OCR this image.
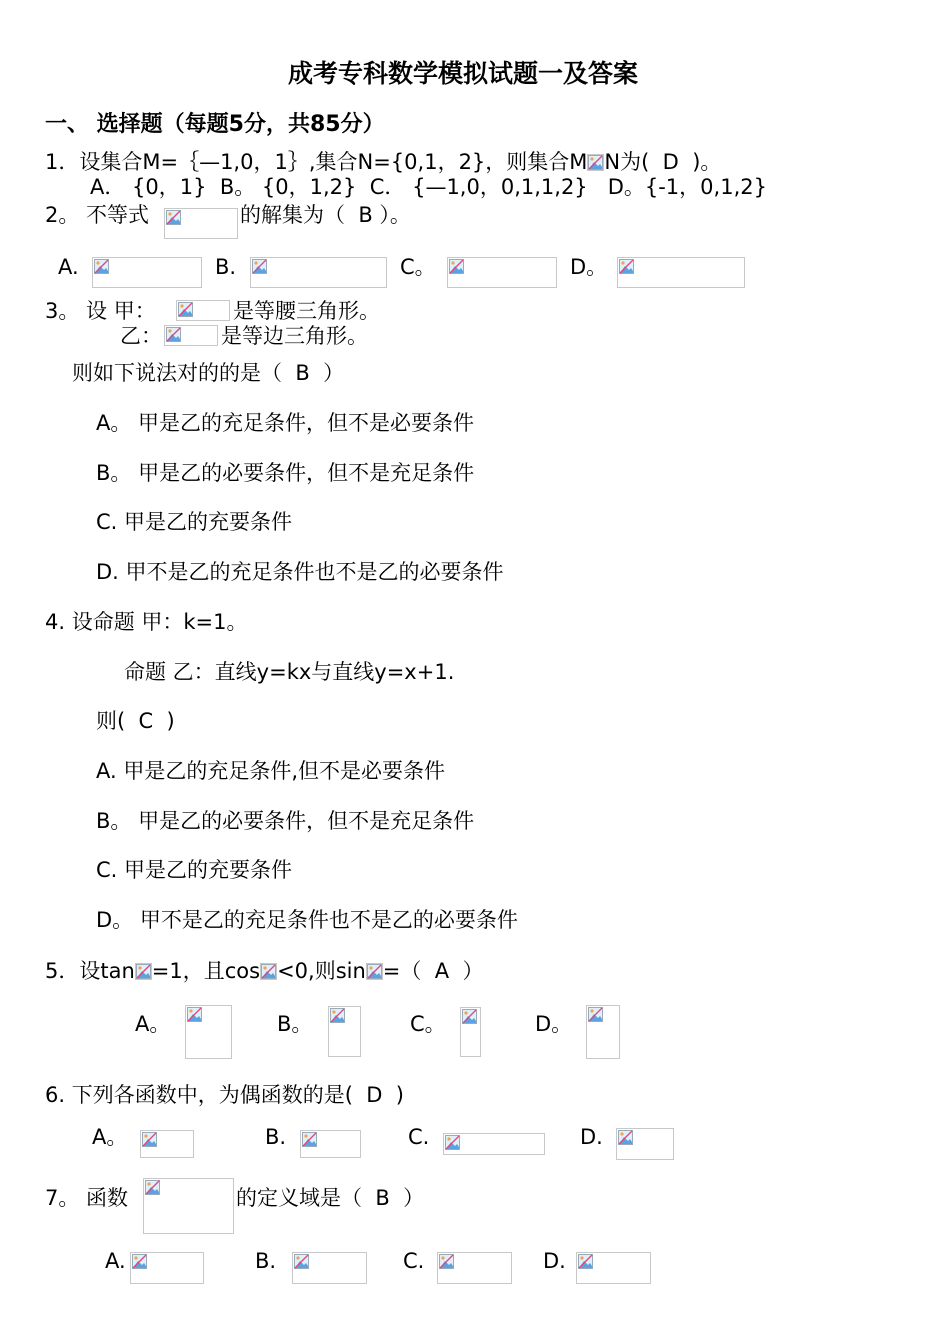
成考专科数学模拟试题一及答案
一、 选择题（每题5分，共85分）
1．设集合M=｛—1,0，1｝,集合N={0,1，2}，则集合M N为(  D  )。
A． {0，1}  B。 {0，1,2}  C． {—1,0，0,1,1,2}   D。{-1，0,1,2}
2。 不等式	的解集为（  B ）。
A.	B.	C。	D。
3。 设 甲：	是等腰三角形。
乙：	是等边三角形。
则如下说法对的的是（  B  ）
A。 甲是乙的充足条件，但不是必要条件
B。 甲是乙的必要条件，但不是充足条件
C. 甲是乙的充要条件
D. 甲不是乙的充足条件也不是乙的必要条件
4. 设命题 甲：k=1。
命题 乙：直线y=kx与直线y=x+1.
则(  C  )
A. 甲是乙的充足条件,但不是必要条件
B。 甲是乙的必要条件，但不是充足条件
C. 甲是乙的充要条件
D。 甲不是乙的充足条件也不是乙的必要条件
5．设tan =1，且cos <0,则sin =（  A  ）
A。	B。	C。	D。
6. 下列各函数中，为偶函数的是(  D  )
A。	B.	C.	D.
7。 函数	的定义域是（  B  ）
A.	B.	C.	D.
